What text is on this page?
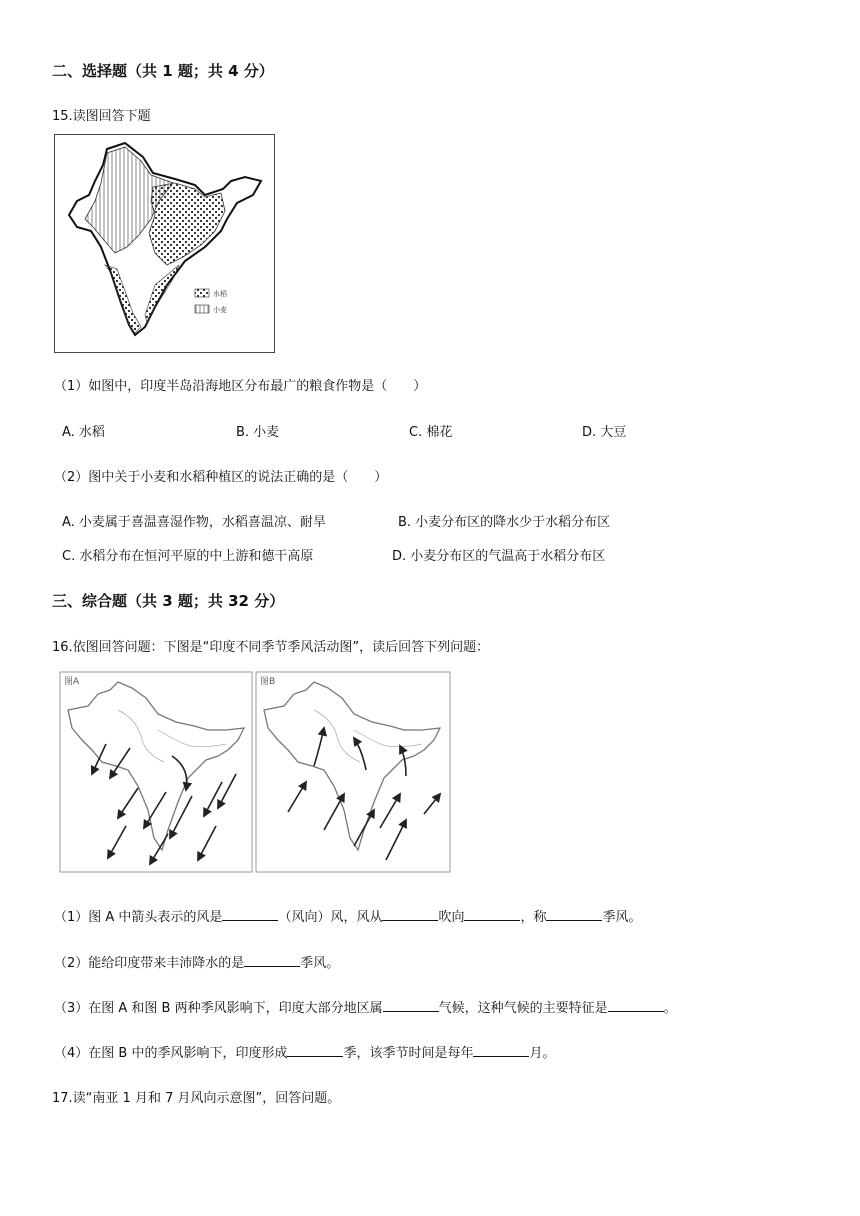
二、选择题（共 1 题；共 4 分）
15.读图回答下题
水稻
小麦
（1）如图中，印度半岛沿海地区分布最广的粮食作物是（　　）
A. 水稻	B. 小麦	C. 棉花	D. 大豆
（2）图中关于小麦和水稻种植区的说法正确的是（　　）
A. 小麦属于喜温喜湿作物，水稻喜温凉、耐旱	B. 小麦分布区的降水少于水稻分布区
C. 水稻分布在恒河平原的中上游和德干高原	D. 小麦分布区的气温高于水稻分布区
三、综合题（共 3 题；共 32 分）
16.依图回答问题：下图是“印度不同季节季风活动图”，读后回答下列问题：
图A	图B
（1）图 A 中箭头表示的风是	（风向）风，风从	吹向	，称	季风。
（2）能给印度带来丰沛降水的是	季风。
（3）在图 A 和图 B 两种季风影响下，印度大部分地区属	气候，这种气候的主要特征是	。
（4）在图 B 中的季风影响下，印度形成	季，该季节时间是每年	月。
17.读“南亚 1 月和 7 月风向示意图”，回答问题。
